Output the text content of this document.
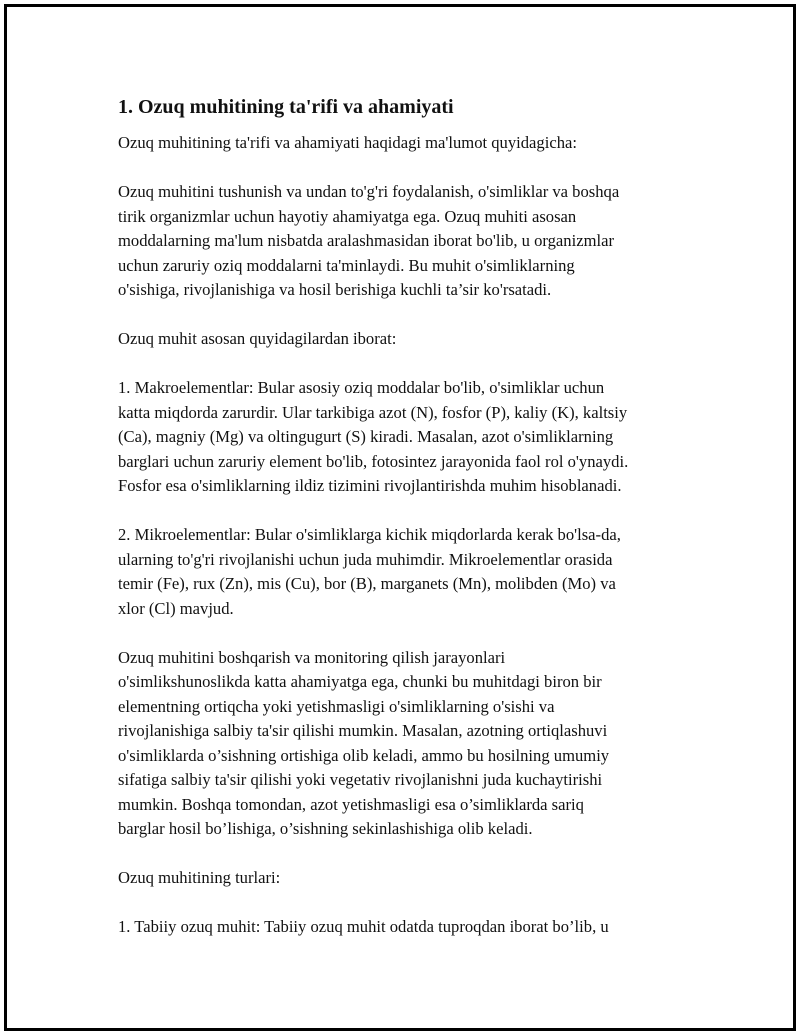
1. Ozuq muhitining ta'rifi va ahamiyati

Ozuq muhitining ta'rifi va ahamiyati haqidagi ma'lumot quyidagicha:

Ozuq muhitini tushunish va undan to'g'ri foydalanish, o'simliklar va boshqa
tirik organizmlar uchun hayotiy ahamiyatga ega. Ozuq muhiti asosan
moddalarning ma'lum nisbatda aralashmasidan iborat bo'lib, u organizmlar
uchun zaruriy oziq moddalarni ta'minlaydi. Bu muhit o'simliklarning
o'sishiga, rivojlanishiga va hosil berishiga kuchli ta’sir ko'rsatadi.

Ozuq muhit asosan quyidagilardan iborat:

1. Makroelementlar: Bular asosiy oziq moddalar bo'lib, o'simliklar uchun
katta miqdorda zarurdir. Ular tarkibiga azot (N), fosfor (P), kaliy (K), kaltsiy
(Ca), magniy (Mg) va oltingugurt (S) kiradi. Masalan, azot o'simliklarning
barglari uchun zaruriy element bo'lib, fotosintez jarayonida faol rol o'ynaydi.
Fosfor esa o'simliklarning ildiz tizimini rivojlantirishda muhim hisoblanadi.

2. Mikroelementlar: Bular o'simliklarga kichik miqdorlarda kerak bo'lsa-da,
ularning to'g'ri rivojlanishi uchun juda muhimdir. Mikroelementlar orasida
temir (Fe), rux (Zn), mis (Cu), bor (B), marganets (Mn), molibden (Mo) va
xlor (Cl) mavjud.

Ozuq muhitini boshqarish va monitoring qilish jarayonlari
o'simlikshunoslikda katta ahamiyatga ega, chunki bu muhitdagi biron bir
elementning ortiqcha yoki yetishmasligi o'simliklarning o'sishi va
rivojlanishiga salbiy ta'sir qilishi mumkin. Masalan, azotning ortiqlashuvi
o'simliklarda o’sishning ortishiga olib keladi, ammo bu hosilning umumiy
sifatiga salbiy ta'sir qilishi yoki vegetativ rivojlanishni juda kuchaytirishi
mumkin. Boshqa tomondan, azot yetishmasligi esa o’simliklarda sariq
barglar hosil bo’lishiga, o’sishning sekinlashishiga olib keladi.

Ozuq muhitining turlari:

1. Tabiiy ozuq muhit: Tabiiy ozuq muhit odatda tuproqdan iborat bo’lib, u
